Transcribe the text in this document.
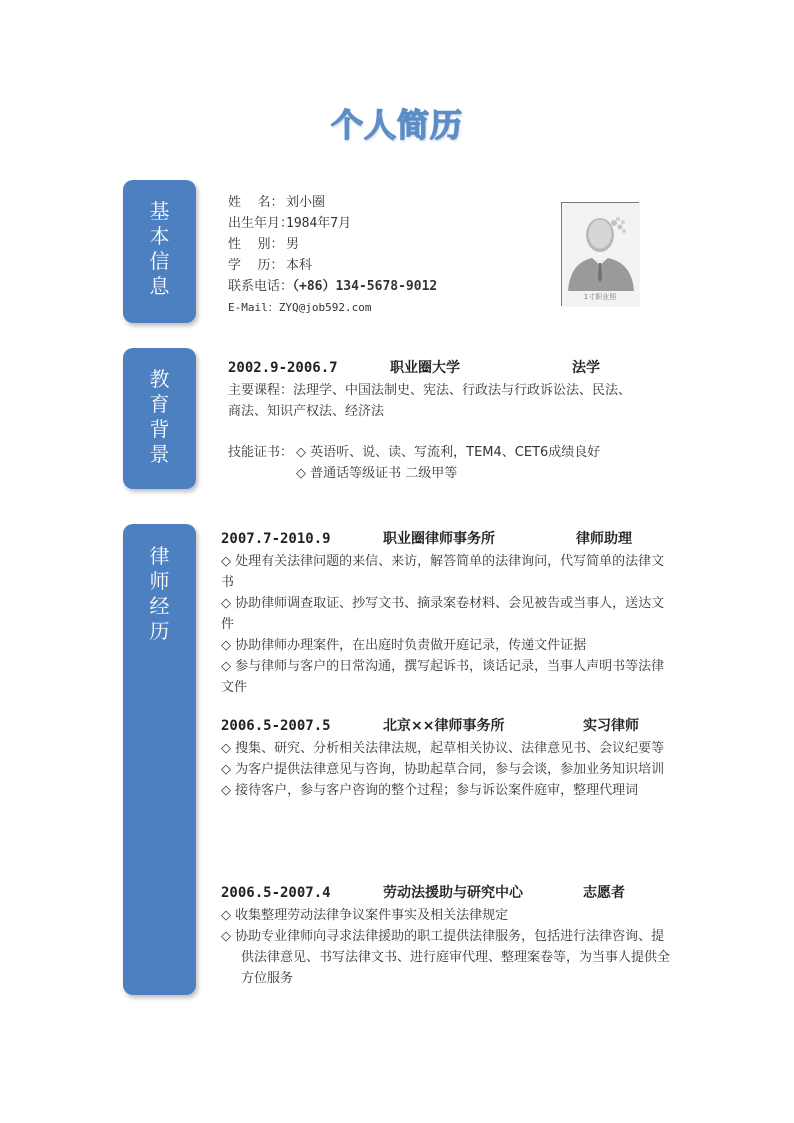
个人简历
基
本
信
息
姓    名： 刘小圈
出生年月：1984年7月
性    别： 男
学    历： 本科
联系电话：（+86）134-5678-9012
E-Mail：ZYQ@job592.com
1寸职业照
教
育
背
景
2002.9-2006.7	职业圈大学	法学
主要课程：法理学、中国法制史、宪法、行政法与行政诉讼法、民法、
商法、知识产权法、经济法
技能证书： ◇ 英语听、说、读、写流利，TEM4、CET6成绩良好
◇ 普通话等级证书 二级甲等
律
师
经
历
2007.7-2010.9	职业圈律师事务所	律师助理
◇ 处理有关法律问题的来信、来访，解答简单的法律询问，代写简单的法律文书
◇ 协助律师调查取证、抄写文书、摘录案卷材料、会见被告或当事人，送达文件
◇ 协助律师办理案件，在出庭时负责做开庭记录，传递文件证据
◇ 参与律师与客户的日常沟通，撰写起诉书，谈话记录，当事人声明书等法律文件
2006.5-2007.5	北京××律师事务所	实习律师
◇ 搜集、研究、分析相关法律法规，起草相关协议、法律意见书、会议纪要等
◇ 为客户提供法律意见与咨询，协助起草合同，参与会谈，参加业务知识培训
◇ 接待客户，参与客户咨询的整个过程；参与诉讼案件庭审，整理代理词
2006.5-2007.4	劳动法援助与研究中心	志愿者
◇ 收集整理劳动法律争议案件事实及相关法律规定
◇ 协助专业律师向寻求法律援助的职工提供法律服务，包括进行法律咨询、提供法律意见、书写法律文书、进行庭审代理、整理案卷等，为当事人提供全方位服务
